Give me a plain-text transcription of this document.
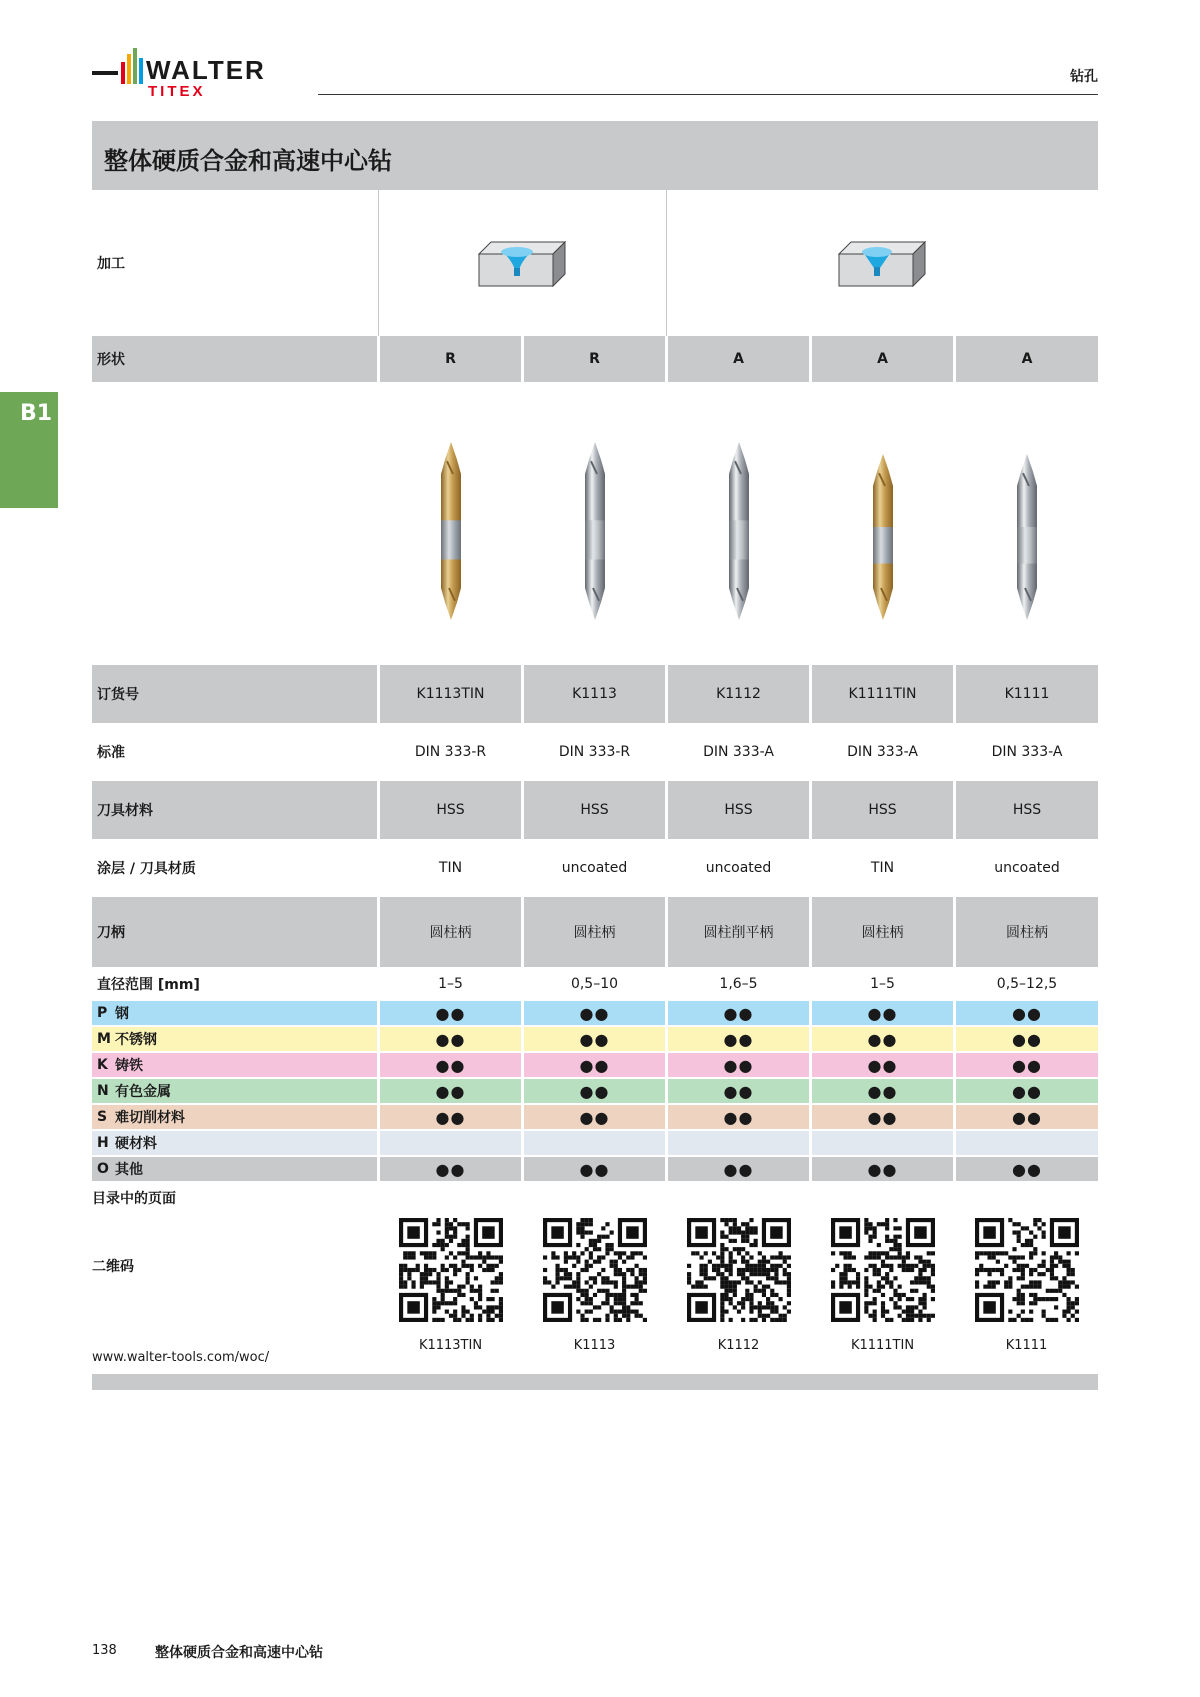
WALTER
TITEX
钻孔
整体硬质合金和高速中心钻
B1
加工
形状	R	R	A	A	A
订货号	K1113TIN	K1113	K1112	K1111TIN	K1111
标准	DIN 333-R	DIN 333-R	DIN 333-A	DIN 333-A	DIN 333-A
刀具材料	HSS	HSS	HSS	HSS	HSS
涂层 / 刀具材质	TIN	uncoated	uncoated	TIN	uncoated
刀柄	圆柱柄	圆柱柄	圆柱削平柄	圆柱柄	圆柱柄
直径范围 [mm]	1–5	0,5–10	1,6–5	1–5	0,5–12,5
P 钢	●●	●●	●●	●●	●●
M 不锈钢	●●	●●	●●	●●	●●
K 铸铁	●●	●●	●●	●●	●●
N 有色金属	●●	●●	●●	●●	●●
S 难切削材料	●●	●●	●●	●●	●●
H 硬材料
O 其他	●●	●●	●●	●●	●●
目录中的页面
二维码
K1113TIN	K1113	K1112	K1111TIN	K1111
www.walter-tools.com/woc/
138	整体硬质合金和高速中心钻
